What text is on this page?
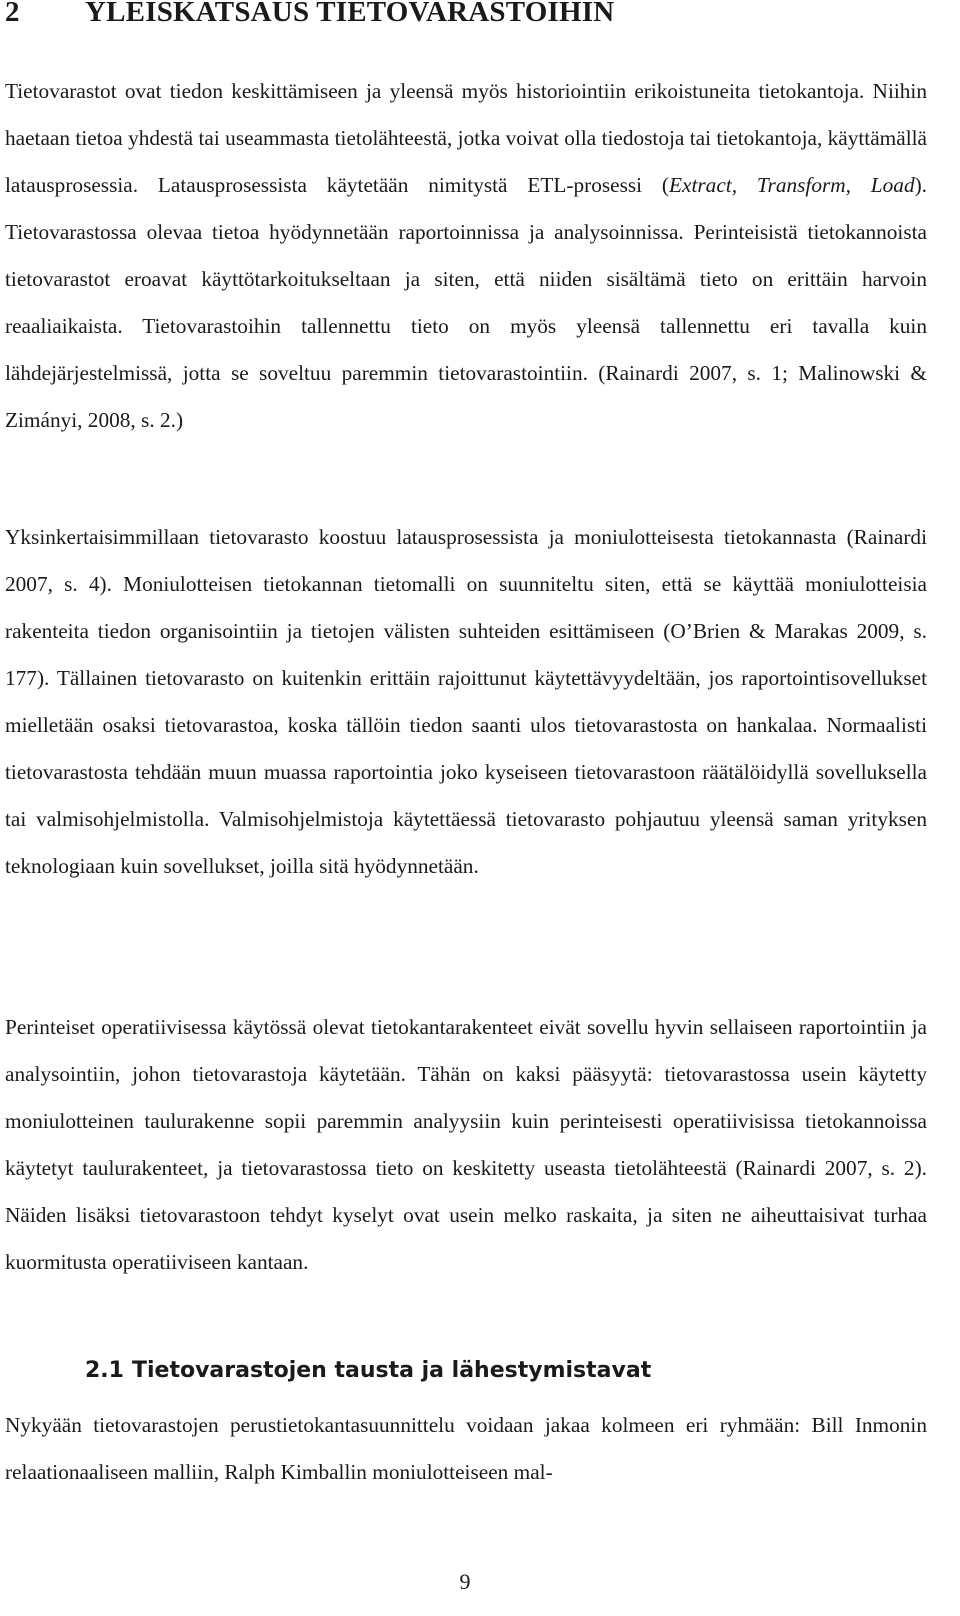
2 YLEISKATSAUS TIETOVARASTOIHIN

Tietovarastot ovat tiedon keskittämiseen ja yleensä myös historiointiin erikoistuneita tietokantoja. Niihin haetaan tietoa yhdestä tai useammasta tietolähteestä, jotka voivat olla tiedostoja tai tietokantoja, käyttämällä latausprosessia. Latausprosessista käytetään nimitystä ETL-prosessi (Extract, Transform, Load). Tietovarastossa olevaa tietoa hyödynnetään raportoinnissa ja analysoinnissa. Perinteisistä tietokannoista tietovarastot eroavat käyttötarkoitukseltaan ja siten, että niiden sisältämä tieto on erittäin harvoin reaaliaikaista. Tietovarastoihin tallennettu tieto on myös yleensä tallennettu eri tavalla kuin lähdejärjestelmissä, jotta se soveltuu paremmin tietovarastointiin. (Rainardi 2007, s. 1; Malinowski & Zimányi, 2008, s. 2.)

Yksinkertaisimmillaan tietovarasto koostuu latausprosessista ja moniulotteisesta tietokannasta (Rainardi 2007, s. 4). Moniulotteisen tietokannan tietomalli on suunniteltu siten, että se käyttää moniulotteisia rakenteita tiedon organisointiin ja tietojen välisten suhteiden esittämiseen (O’Brien & Marakas 2009, s. 177). Tällainen tietovarasto on kuitenkin erittäin rajoittunut käytettävyydeltään, jos raportointisovellukset mielletään osaksi tietovarastoa, koska tällöin tiedon saanti ulos tietovarastosta on hankalaa. Normaalisti tietovarastosta tehdään muun muassa raportointia joko kyseiseen tietovarastoon räätälöidyllä sovelluksella tai valmisohjelmistolla. Valmisohjelmistoja käytettäessä tietovarasto pohjautuu yleensä saman yrityksen teknologiaan kuin sovellukset, joilla sitä hyödynnetään.

Perinteiset operatiivisessa käytössä olevat tietokantarakenteet eivät sovellu hyvin sellaiseen raportointiin ja analysointiin, johon tietovarastoja käytetään. Tähän on kaksi pääsyytä: tietovarastossa usein käytetty moniulotteinen taulurakenne sopii paremmin analyysiin kuin perinteisesti operatiivisissa tietokannoissa käytetyt taulurakenteet, ja tietovarastossa tieto on keskitetty useasta tietolähteestä (Rainardi 2007, s. 2). Näiden lisäksi tietovarastoon tehdyt kyselyt ovat usein melko raskaita, ja siten ne aiheuttaisivat turhaa kuormitusta operatiiviseen kantaan.

2.1 Tietovarastojen tausta ja lähestymistavat

Nykyään tietovarastojen perustietokantasuunnittelu voidaan jakaa kolmeen eri ryhmään: Bill Inmonin relaationaaliseen malliin, Ralph Kimballin moniulotteiseen mal-

9
